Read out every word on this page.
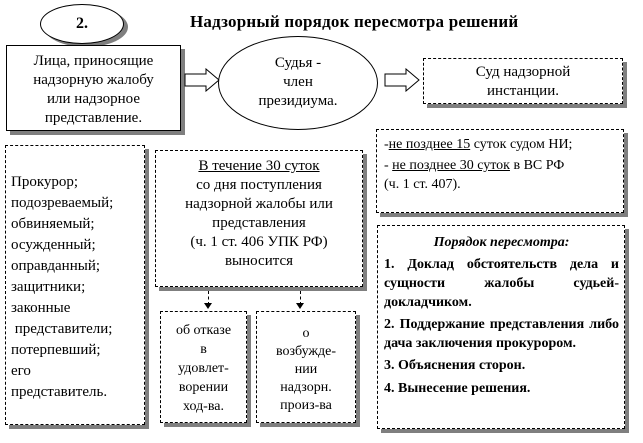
2.	Надзорный порядок пересмотра решений
Лица, приносящие
надзорную жалобу
или надзорное
представление.
Судья -
член
президиума.
Суд надзорной
инстанции.
-не позднее 15 суток судом НИ;
- не позднее 30 суток в ВС РФ
(ч. 1 ст. 407).
Прокурор;
подозреваемый;
обвиняемый;
осужденный;
оправданный;
защитники;
законные
представители;
потерпевший;
его
представитель.
В течение 30 суток
со дня поступления
надзорной жалобы или
представления
(ч. 1 ст. 406 УПК РФ)
выносится
об отказе
в
удовлет-
ворении
ход-ва.
о
возбужде-
нии
надзорн.
произ-ва
Порядок пересмотра:
1. Доклад обстоятельств дела и сущности жалобы судьей-докладчиком.
2. Поддержание представления либо дача заключения прокурором.
3. Объяснения сторон.
4. Вынесение решения.
